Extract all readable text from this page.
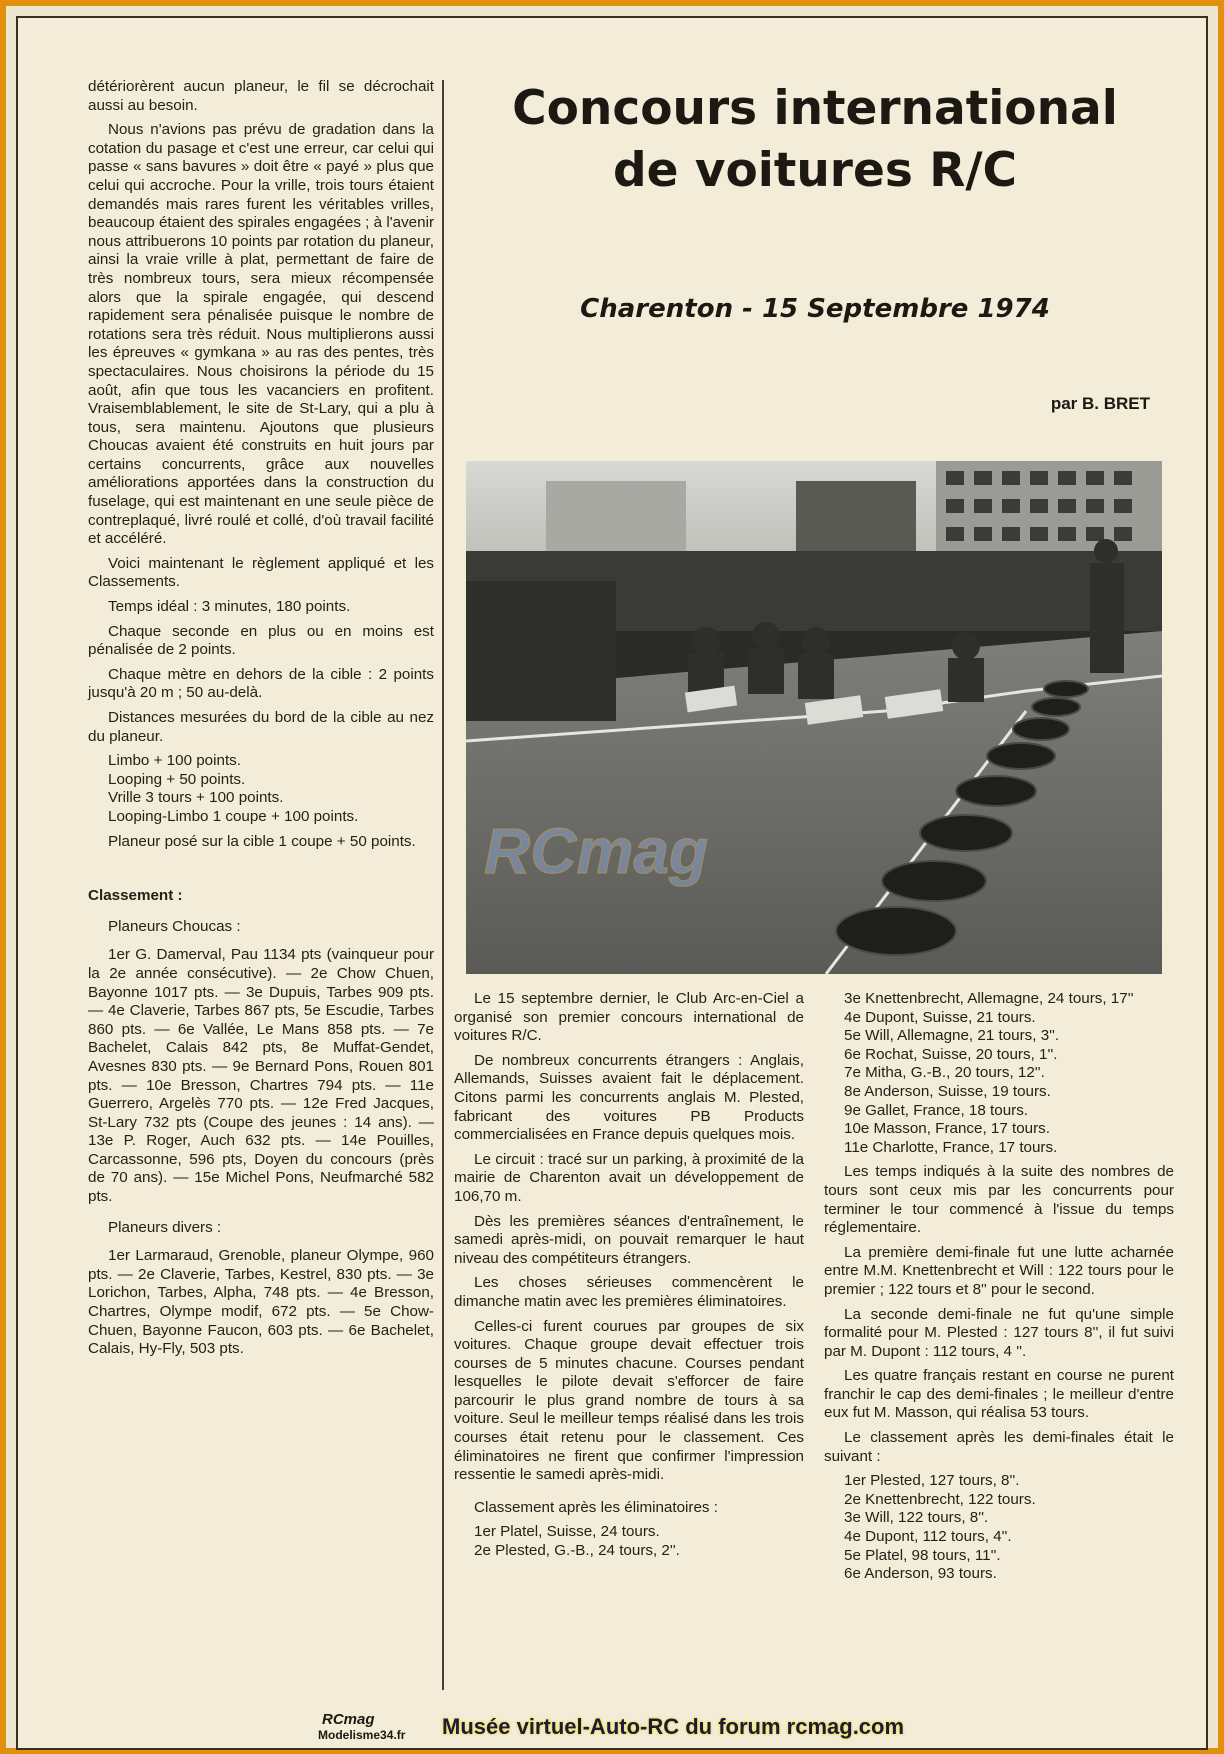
détériorèrent aucun planeur, le fil se décrochait aussi au besoin.

Nous n'avions pas prévu de gradation dans la cotation du pasage et c'est une erreur, car celui qui passe « sans bavures » doit être « payé » plus que celui qui accroche. Pour la vrille, trois tours étaient demandés mais rares furent les véritables vrilles, beaucoup étaient des spirales engagées ; à l'avenir nous attribuerons 10 points par rotation du planeur, ainsi la vraie vrille à plat, permettant de faire de très nombreux tours, sera mieux récompensée alors que la spirale engagée, qui descend rapidement sera pénalisée puisque le nombre de rotations sera très réduit. Nous multiplierons aussi les épreuves « gymkana » au ras des pentes, très spectaculaires. Nous choisirons la période du 15 août, afin que tous les vacanciers en profitent. Vraisemblablement, le site de St-Lary, qui a plu à tous, sera maintenu. Ajoutons que plusieurs Choucas avaient été construits en huit jours par certains concurrents, grâce aux nouvelles améliorations apportées dans la construction du fuselage, qui est maintenant en une seule pièce de contreplaqué, livré roulé et collé, d'où travail facilité et accéléré.

Voici maintenant le règlement appliqué et les Classements.

Temps idéal : 3 minutes, 180 points.

Chaque seconde en plus ou en moins est pénalisée de 2 points.

Chaque mètre en dehors de la cible : 2 points jusqu'à 20 m ; 50 au-delà.

Distances mesurées du bord de la cible au nez du planeur.

Limbo + 100 points.

Looping + 50 points.

Vrille 3 tours + 100 points.

Looping-Limbo 1 coupe + 100 points.

Planeur posé sur la cible 1 coupe + 50 points.

Classement :
Planeurs Choucas :

1er G. Damerval, Pau 1134 pts (vainqueur pour la 2e année consécutive). — 2e Chow Chuen, Bayonne 1017 pts. — 3e Dupuis, Tarbes 909 pts. — 4e Claverie, Tarbes 867 pts, 5e Escudie, Tarbes 860 pts. — 6e Vallée, Le Mans 858 pts. — 7e Bachelet, Calais 842 pts, 8e Muffat-Gendet, Avesnes 830 pts. — 9e Bernard Pons, Rouen 801 pts. — 10e Bresson, Chartres 794 pts. — 11e Guerrero, Argelès 770 pts. — 12e Fred Jacques, St-Lary 732 pts (Coupe des jeunes : 14 ans). — 13e P. Roger, Auch 632 pts. — 14e Pouilles, Carcassonne, 596 pts, Doyen du concours (près de 70 ans). — 15e Michel Pons, Neufmarché 582 pts.

Planeurs divers :

1er Larmaraud, Grenoble, planeur Olympe, 960 pts. — 2e Claverie, Tarbes, Kestrel, 830 pts. — 3e Lorichon, Tarbes, Alpha, 748 pts. — 4e Bresson, Chartres, Olympe modif, 672 pts. — 5e Chow-Chuen, Bayonne Faucon, 603 pts. — 6e Bachelet, Calais, Hy-Fly, 503 pts.

Concours international
de voitures R/C
Charenton - 15 Septembre 1974
par B. BRET
RCmag

Le 15 septembre dernier, le Club Arc-en-Ciel a organisé son premier concours international de voitures R/C.

De nombreux concurrents étrangers : Anglais, Allemands, Suisses avaient fait le déplacement. Citons parmi les concurrents anglais M. Plested, fabricant des voitures PB Products commercialisées en France depuis quelques mois.

Le circuit : tracé sur un parking, à proximité de la mairie de Charenton avait un développement de 106,70 m.

Dès les premières séances d'entraînement, le samedi après-midi, on pouvait remarquer le haut niveau des compétiteurs étrangers.

Les choses sérieuses commencèrent le dimanche matin avec les premières éliminatoires.

Celles-ci furent courues par groupes de six voitures. Chaque groupe devait effectuer trois courses de 5 minutes chacune. Courses pendant lesquelles le pilote devait s'efforcer de faire parcourir le plus grand nombre de tours à sa voiture. Seul le meilleur temps réalisé dans les trois courses était retenu pour le classement. Ces éliminatoires ne firent que confirmer l'impression ressentie le samedi après-midi.

Classement après les éliminatoires :

1er Platel, Suisse, 24 tours.

2e Plested, G.-B., 24 tours, 2''.

3e Knettenbrecht, Allemagne, 24 tours, 17''

4e Dupont, Suisse, 21 tours.

5e Will, Allemagne, 21 tours, 3''.

6e Rochat, Suisse, 20 tours, 1''.

7e Mitha, G.-B., 20 tours, 12''.

8e Anderson, Suisse, 19 tours.

9e Gallet, France, 18 tours.

10e Masson, France, 17 tours.

11e Charlotte, France, 17 tours.

Les temps indiqués à la suite des nombres de tours sont ceux mis par les concurrents pour terminer le tour commencé à l'issue du temps réglementaire.

La première demi-finale fut une lutte acharnée entre M.M. Knettenbrecht et Will : 122 tours pour le premier ; 122 tours et 8'' pour le second.

La seconde demi-finale ne fut qu'une simple formalité pour M. Plested : 127 tours 8'', il fut suivi par M. Dupont : 112 tours, 4 ''.

Les quatre français restant en course ne purent franchir le cap des demi-finales ; le meilleur d'entre eux fut M. Masson, qui réalisa 53 tours.

Le classement après les demi-finales était le suivant :

1er Plested, 127 tours, 8''.

2e Knettenbrecht, 122 tours.

3e Will, 122 tours, 8''.

4e Dupont, 112 tours, 4''.

5e Platel, 98 tours, 11''.

6e Anderson, 93 tours.

RCmag
Modelisme34.fr Musée virtuel-Auto-RC du forum rcmag.com
